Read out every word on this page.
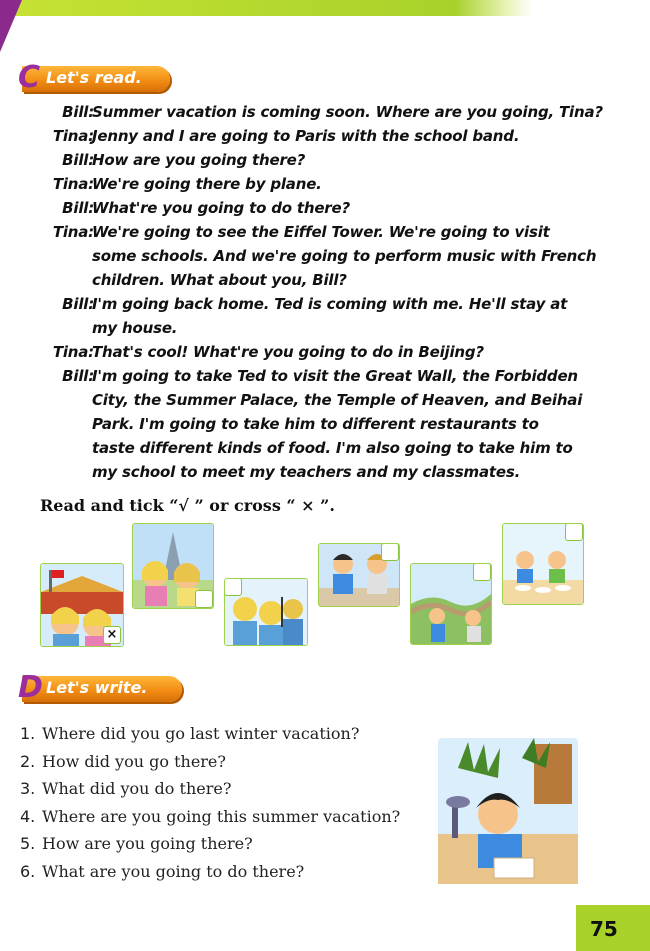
C Let's read.
Bill:
Summer vacation is coming soon. Where are you going, Tina?
Tina:
Jenny and I are going to Paris with the school band.
Bill:
How are you going there?
Tina:
We're going there by plane.
Bill:
What're you going to do there?
Tina:
We're going to see the Eiffel Tower. We're going to visit
some schools. And we're going to perform music with French
children. What about you, Bill?
Bill:
I'm going back home. Ted is coming with me. He'll stay at
my house.
Tina:
That's cool! What're you going to do in Beijing?
Bill:
I'm going to take Ted to visit the Great Wall, the Forbidden
City, the Summer Palace, the Temple of Heaven, and Beihai
Park. I'm going to take him to different restaurants to
taste different kinds of food. I'm also going to take him to
my school to meet my teachers and my classmates.
Read and tick “√ ” or cross “ × ”.
×
D Let's write.
1. Where did you go last winter vacation?
2. How did you go there?
3. What did you do there?
4. Where are you going this summer vacation?
5. How are you going there?
6. What are you going to do there?
75
